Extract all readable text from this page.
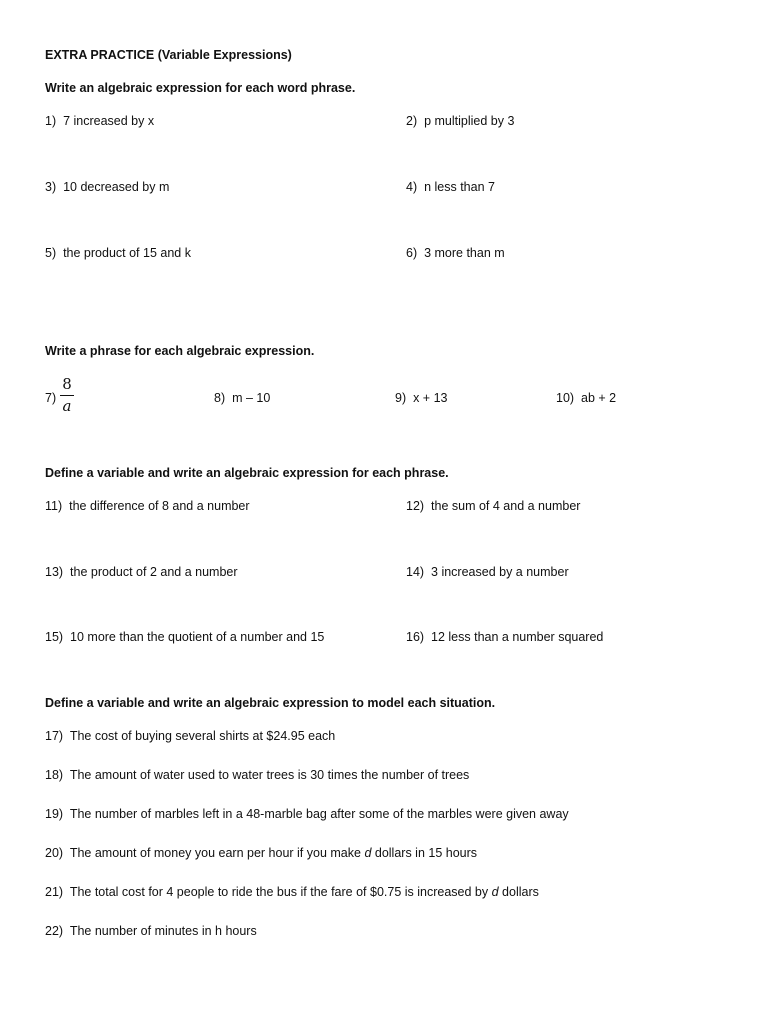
EXTRA PRACTICE (Variable Expressions)
Write an algebraic expression for each word phrase.
1) 7 increased by x	2) p multiplied by 3
3) 10 decreased by m	4) n less than 7
5) the product of 15 and k	6) 3 more than m
Write a phrase for each algebraic expression.
7)
8
a	8) m – 10	9) x + 13	10) ab + 2
Define a variable and write an algebraic expression for each phrase.
11) the difference of 8 and a number	12) the sum of 4 and a number
13) the product of 2 and a number	14) 3 increased by a number
15) 10 more than the quotient of a number and 15	16) 12 less than a number squared
Define a variable and write an algebraic expression to model each situation.
17) The cost of buying several shirts at $24.95 each
18) The amount of water used to water trees is 30 times the number of trees
19) The number of marbles left in a 48-marble bag after some of the marbles were given away
20) The amount of money you earn per hour if you make d dollars in 15 hours
21) The total cost for 4 people to ride the bus if the fare of $0.75 is increased by d dollars
22) The number of minutes in h hours
